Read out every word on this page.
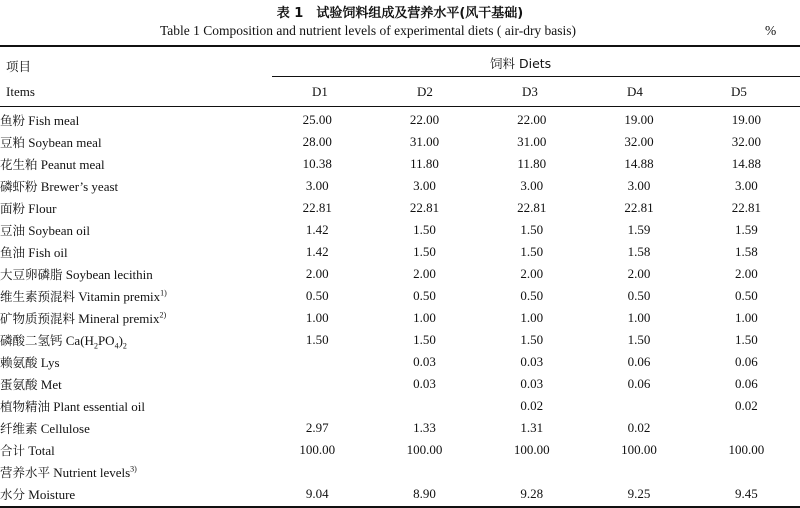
表 1　试验饲料组成及营养水平(风干基础)
Table 1 Composition and nutrient levels of experimental diets ( air-dry basis)	%
项目	饲料 Diets
Items	D1	D2	D3	D4	D5
鱼粉 Fish meal	25.00	22.00	22.00	19.00	19.00
豆粕 Soybean meal	28.00	31.00	31.00	32.00	32.00
花生粕 Peanut meal	10.38	11.80	11.80	14.88	14.88
磷虾粉 Brewer’s yeast	3.00	3.00	3.00	3.00	3.00
面粉 Flour	22.81	22.81	22.81	22.81	22.81
豆油 Soybean oil	1.42	1.50	1.50	1.59	1.59
鱼油 Fish oil	1.42	1.50	1.50	1.58	1.58
大豆卵磷脂 Soybean lecithin	2.00	2.00	2.00	2.00	2.00
维生素预混料 Vitamin premix$^{1)}$	0.50	0.50	0.50	0.50	0.50
矿物质预混料 Mineral premix$^{2)}$	1.00	1.00	1.00	1.00	1.00
磷酸二氢钙 $Ca(H_2PO_4)_2$	1.50	1.50	1.50	1.50	1.50
赖氨酸 Lys		0.03	0.03	0.06	0.06
蛋氨酸 Met		0.03	0.03	0.06	0.06
植物精油 Plant essential oil			0.02		0.02
纤维素 Cellulose	2.97	1.33	1.31	0.02	
合计 Total	100.00	100.00	100.00	100.00	100.00
营养水平 Nutrient levels$^{3)}$					
水分 Moisture	9.04	8.90	9.28	9.25	9.45
